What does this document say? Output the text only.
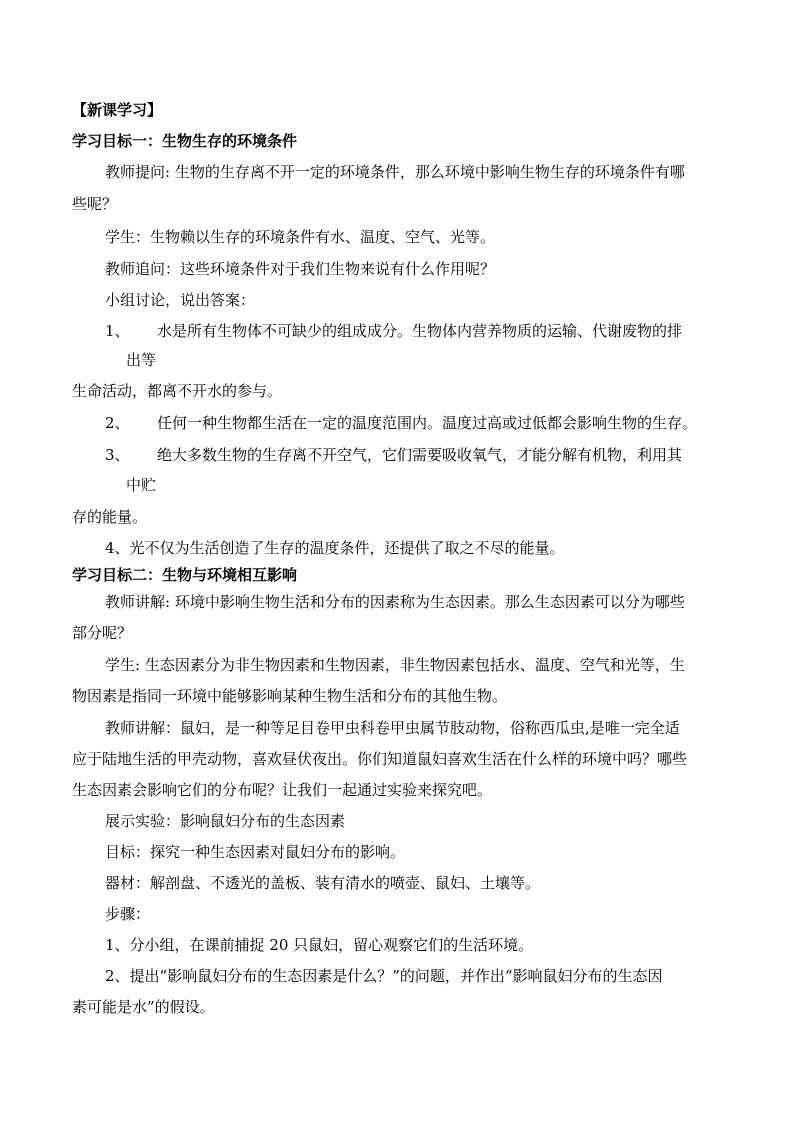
【新课学习】
学习目标一：生物生存的环境条件
教师提问: 生物的生存离不开一定的环境条件，那么环境中影响生物生存的环境条件有哪
些呢？
学生：生物赖以生存的环境条件有水、温度、空气、光等。
教师追问：这些环境条件对于我们生物来说有什么作用呢？
小组讨论，说出答案：
1、 水是所有生物体不可缺少的组成成分。生物体内营养物质的运输、代谢废物的排
出等
生命活动，都离不开水的参与。
2、 任何一种生物都生活在一定的温度范围内。温度过高或过低都会影响生物的生存。
3、 绝大多数生物的生存离不开空气，它们需要吸收氧气，才能分解有机物，利用其
中贮
存的能量。
4、光不仅为生活创造了生存的温度条件，还提供了取之不尽的能量。
学习目标二：生物与环境相互影响
教师讲解: 环境中影响生物生活和分布的因素称为生态因素。那么生态因素可以分为哪些
部分呢？
学生: 生态因素分为非生物因素和生物因素，非生物因素包括水、温度、空气和光等，生
物因素是指同一环境中能够影响某种生物生活和分布的其他生物。
教师讲解：鼠妇，是一种等足目卷甲虫科卷甲虫属节肢动物，俗称西瓜虫,是唯一完全适
应于陆地生活的甲壳动物，喜欢昼伏夜出。你们知道鼠妇喜欢生活在什么样的环境中吗？哪些
生态因素会影响它们的分布呢？让我们一起通过实验来探究吧。
展示实验：影响鼠妇分布的生态因素
目标：探究一种生态因素对鼠妇分布的影响。
器材：解剖盘、不透光的盖板、装有清水的喷壶、鼠妇、土壤等。
步骤：
1、分小组，在课前捕捉 20 只鼠妇，留心观察它们的生活环境。
2、提出“影响鼠妇分布的生态因素是什么？”的问题，并作出“影响鼠妇分布的生态因
素可能是水”的假设。
